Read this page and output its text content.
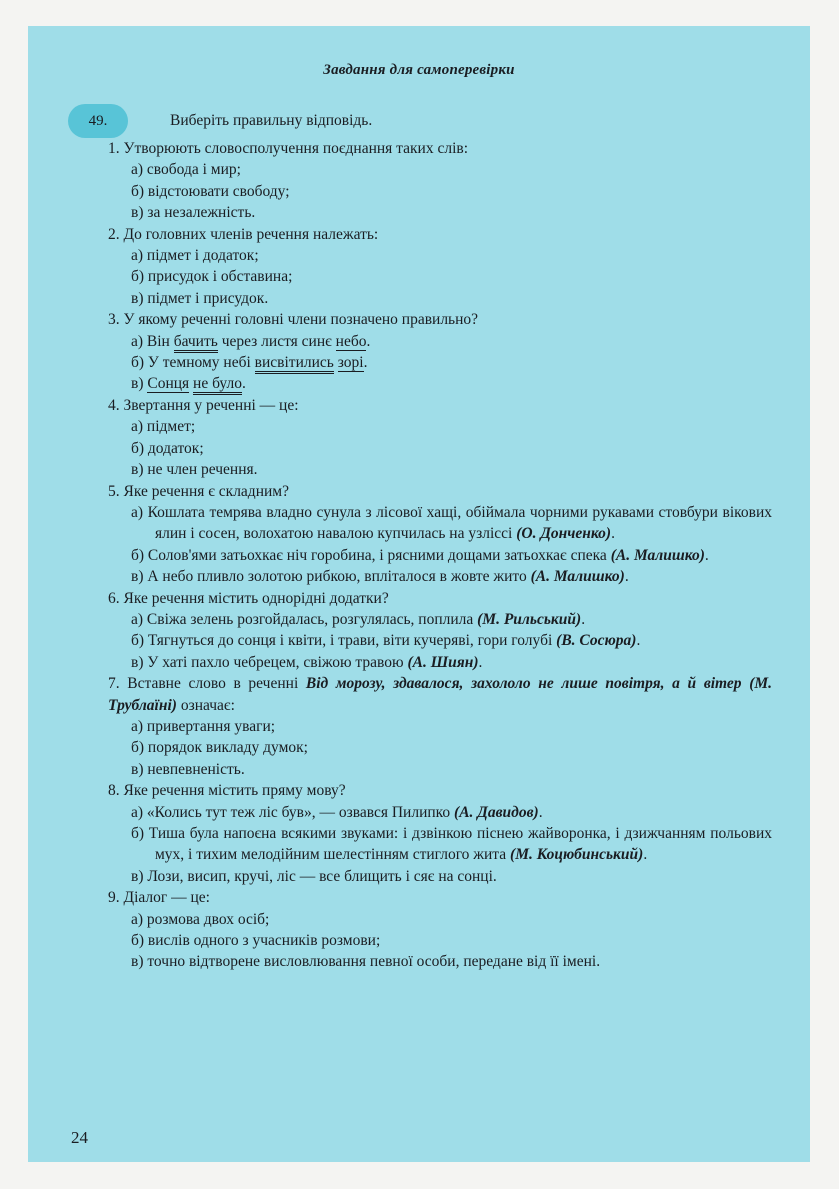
Завдання для самоперевірки
49.	Виберіть правильну відповідь.
1. Утворюють словосполучення поєднання таких слів:
а) свобода і мир;
б) відстоювати свободу;
в) за незалежність.
2. До головних членів речення належать:
а) підмет і додаток;
б) присудок і обставина;
в) підмет і присудок.
3. У якому реченні головні члени позначено правильно?
а) Він бачить через листя синє небо.
б) У темному небі висвітились зорі.
в) Сонця не було.
4. Звертання у реченні — це:
а) підмет;
б) додаток;
в) не член речення.
5. Яке речення є складним?
а) Кошлата темрява владно сунула з лісової хащі, обіймала чорними рукавами стовбури вікових ялин і сосен, волохатою навалою купчилась на узліссі (О. Донченко).
б) Солов'ями затьохкає ніч горобина, і рясними дощами затьохкає спека (А. Малишко).
в) А небо пливло золотою рибкою, впліталося в жовте жито (А. Малишко).
6. Яке речення містить однорідні додатки?
а) Свіжа зелень розгойдалась, розгулялась, поплила (М. Рильський).
б) Тягнуться до сонця і квіти, і трави, віти кучеряві, гори голубі (В. Сосюра).
в) У хаті пахло чебрецем, свіжою травою (А. Шиян).
7. Вставне слово в реченні Від морозу, здавалося, захололо не лише повітря, а й вітер (М. Трублаїні) означає:
а) привертання уваги;
б) порядок викладу думок;
в) невпевненість.
8. Яке речення містить пряму мову?
а) «Колись тут теж ліс був», — озвався Пилипко (А. Давидов).
б) Тиша була напоєна всякими звуками: і дзвінкою піснею жайворонка, і дзижчанням польових мух, і тихим мелодійним шелестінням стиглого жита (М. Коцюбинський).
в) Лози, висип, кручі, ліс — все блищить і сяє на сонці.
9. Діалог — це:
а) розмова двох осіб;
б) вислів одного з учасників розмови;
в) точно відтворене висловлювання певної особи, передане від її імені.
24
